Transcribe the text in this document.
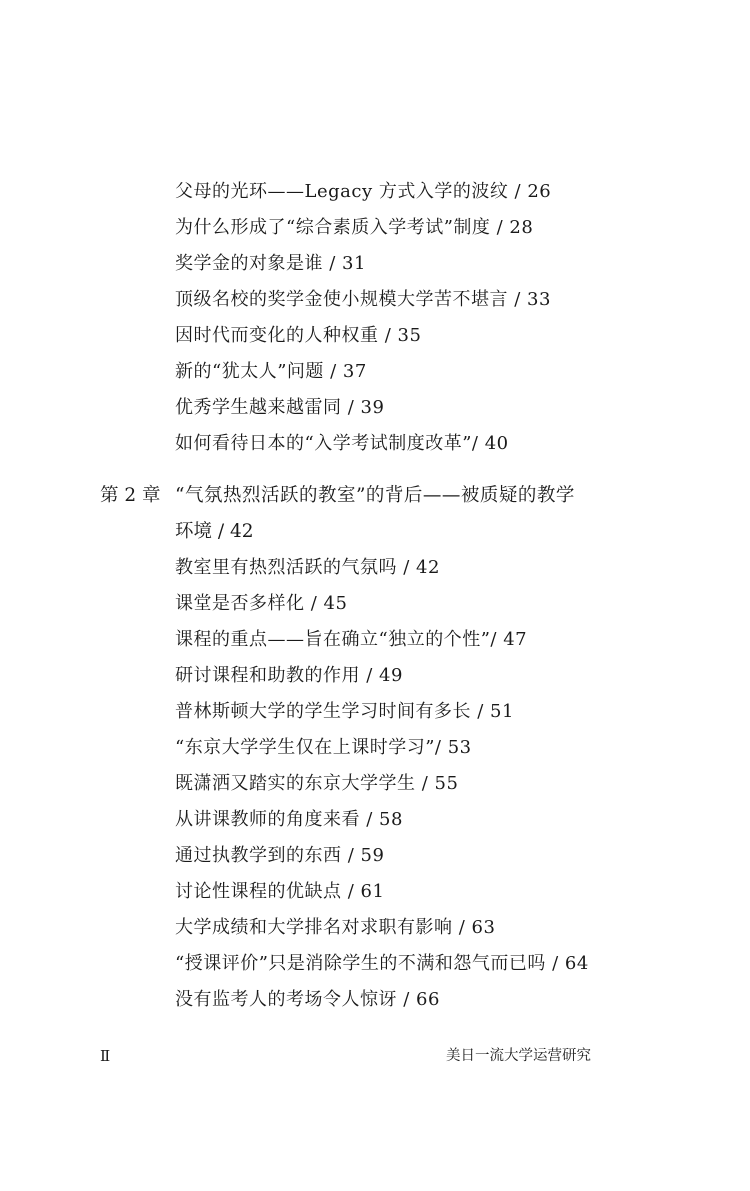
父母的光环——Legacy 方式入学的波纹 / 26
为什么形成了“综合素质入学考试”制度 / 28
奖学金的对象是谁 / 31
顶级名校的奖学金使小规模大学苦不堪言 / 33
因时代而变化的人种权重 / 35
新的“犹太人”问题 / 37
优秀学生越来越雷同 / 39
如何看待日本的“入学考试制度改革”/ 40
第 2 章 “气氛热烈活跃的教室”的背后——被质疑的教学
环境 / 42
教室里有热烈活跃的气氛吗 / 42
课堂是否多样化 / 45
课程的重点——旨在确立“独立的个性”/ 47
研讨课程和助教的作用 / 49
普林斯顿大学的学生学习时间有多长 / 51
“东京大学学生仅在上课时学习”/ 53
既潇洒又踏实的东京大学学生 / 55
从讲课教师的角度来看 / 58
通过执教学到的东西 / 59
讨论性课程的优缺点 / 61
大学成绩和大学排名对求职有影响 / 63
“授课评价”只是消除学生的不满和怨气而已吗 / 64
没有监考人的考场令人惊讶 / 66
Ⅱ	美日一流大学运营研究
